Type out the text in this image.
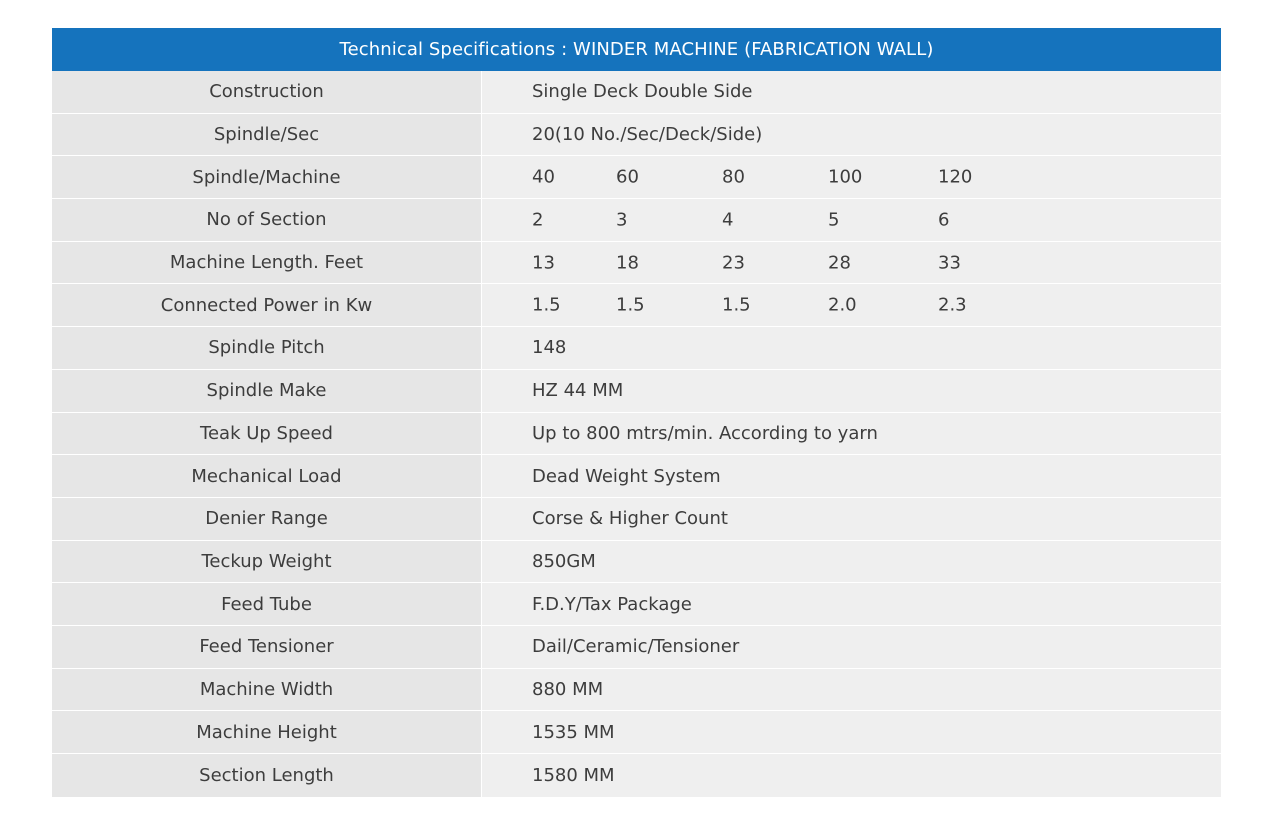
Technical Specifications : WINDER MACHINE (FABRICATION WALL)
Construction	Single Deck Double Side
Spindle/Sec	20(10 No./Sec/Deck/Side)
Spindle/Machine	40	60	80	100	120
No of Section	2	3	4	5	6
Machine Length. Feet	13	18	23	28	33
Connected Power in Kw	1.5	1.5	1.5	2.0	2.3
Spindle Pitch	148
Spindle Make	HZ 44 MM
Teak Up Speed	Up to 800 mtrs/min. According to yarn
Mechanical Load	Dead Weight System
Denier Range	Corse & Higher Count
Teckup Weight	850GM
Feed Tube	F.D.Y/Tax Package
Feed Tensioner	Dail/Ceramic/Tensioner
Machine Width	880 MM
Machine Height	1535 MM
Section Length	1580 MM
